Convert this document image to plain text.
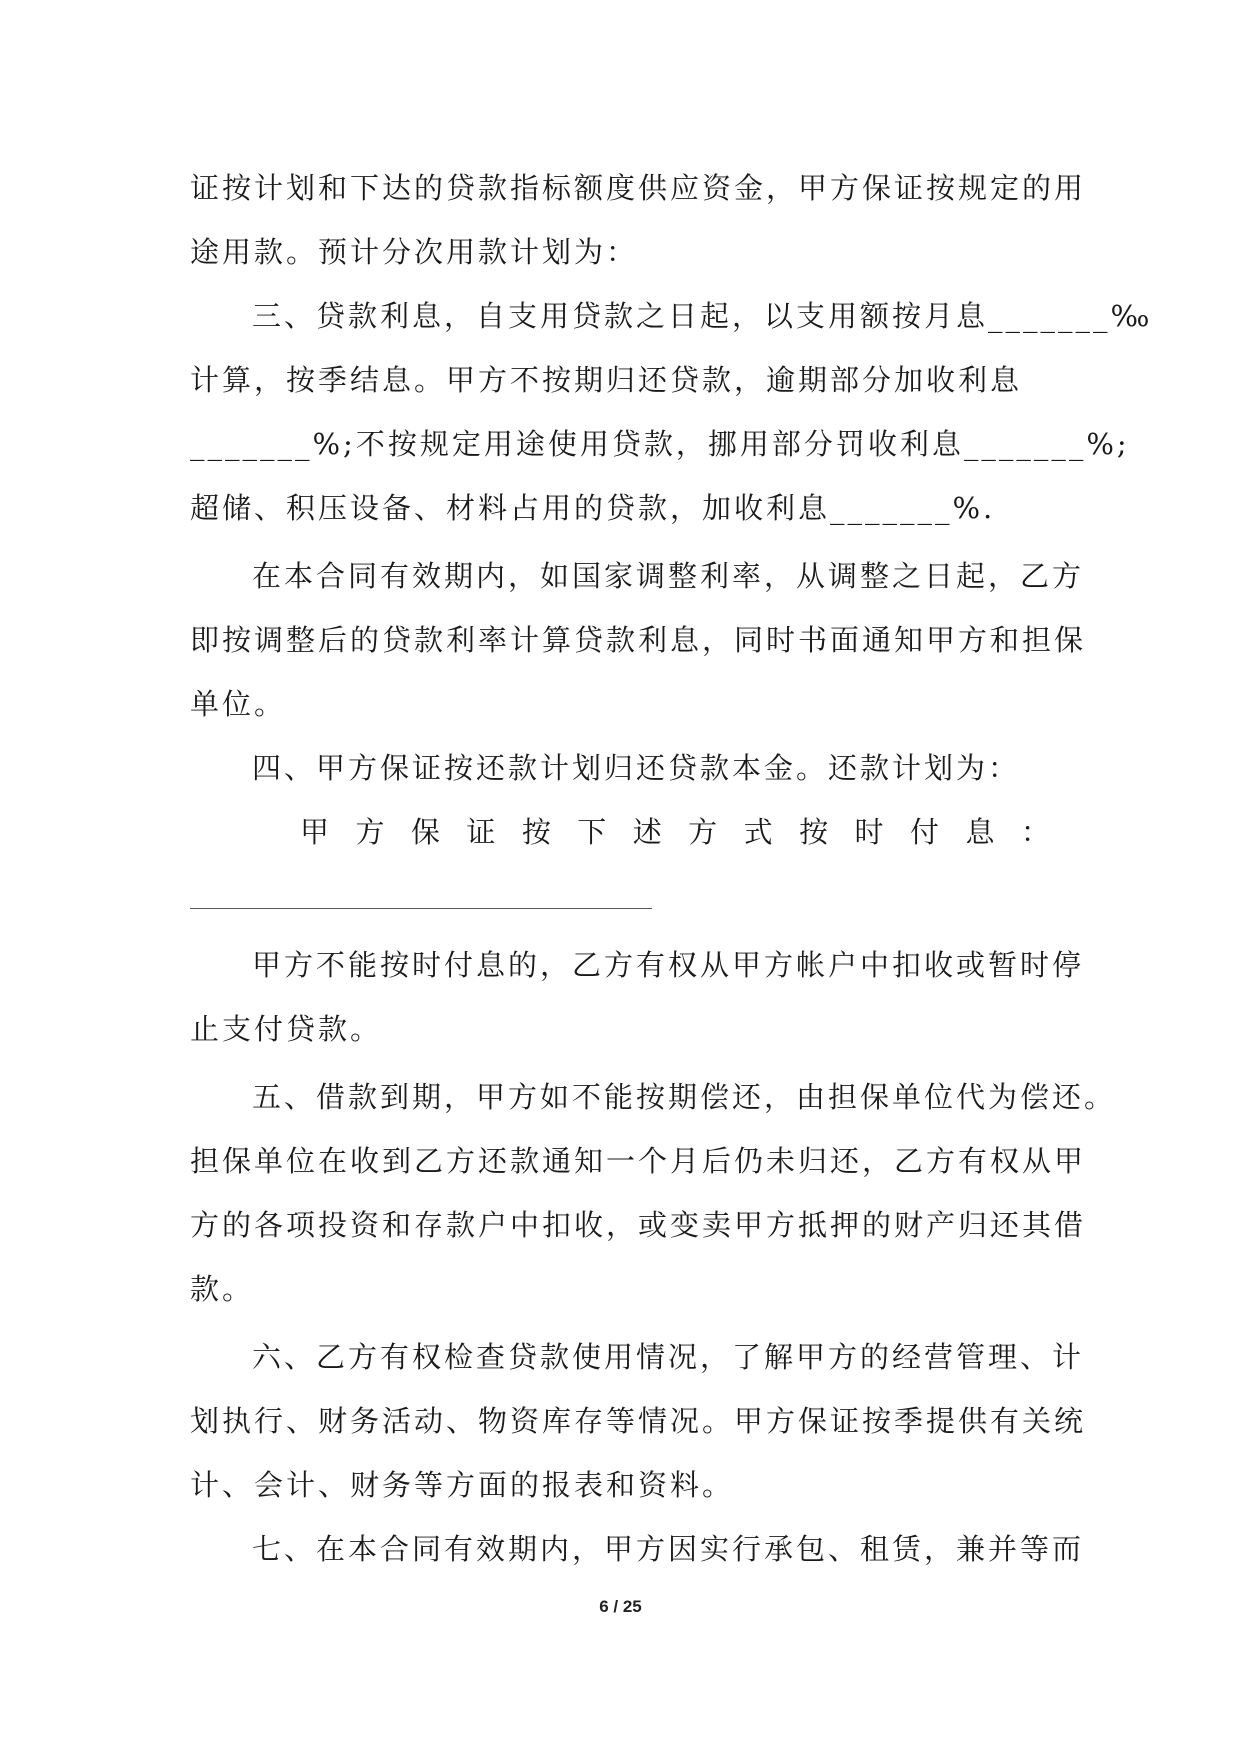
证按计划和下达的贷款指标额度供应资金，甲方保证按规定的用
途用款。预计分次用款计划为：
三、贷款利息，自支用贷款之日起，以支用额按月息_______‰
计算，按季结息。甲方不按期归还贷款，逾期部分加收利息
_______%;不按规定用途使用贷款，挪用部分罚收利息_______%;
超储、积压设备、材料占用的贷款，加收利息_______%.
在本合同有效期内，如国家调整利率，从调整之日起，乙方
即按调整后的贷款利率计算贷款利息，同时书面通知甲方和担保
单位。
四、甲方保证按还款计划归还贷款本金。还款计划为：
甲 方 保 证 按 下 述 方 式 按 时 付 息 ：
甲方不能按时付息的，乙方有权从甲方帐户中扣收或暂时停
止支付贷款。
五、借款到期，甲方如不能按期偿还，由担保单位代为偿还。
担保单位在收到乙方还款通知一个月后仍未归还，乙方有权从甲
方的各项投资和存款户中扣收，或变卖甲方抵押的财产归还其借
款。
六、乙方有权检查贷款使用情况，了解甲方的经营管理、计
划执行、财务活动、物资库存等情况。甲方保证按季提供有关统
计、会计、财务等方面的报表和资料。
七、在本合同有效期内，甲方因实行承包、租赁，兼并等而
6 / 25
